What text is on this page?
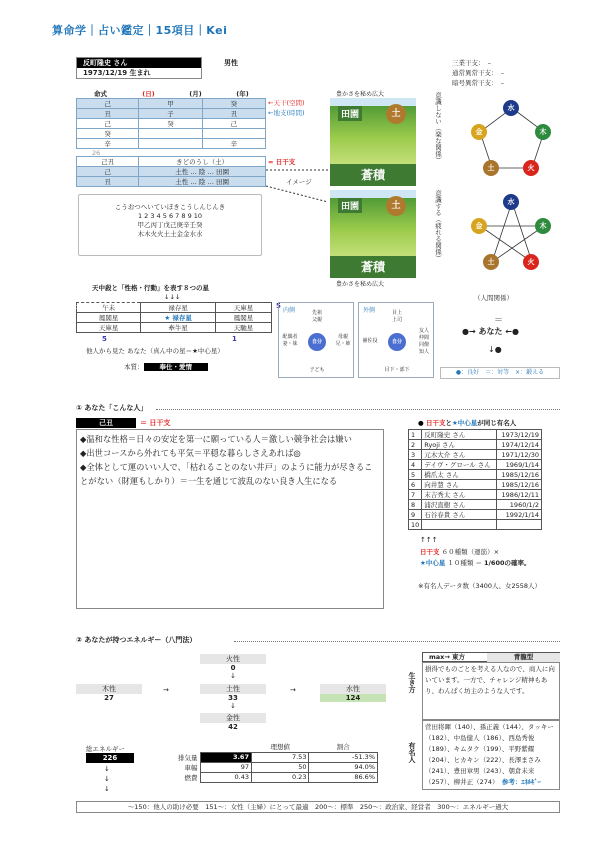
算命学｜占い鑑定｜15項目｜Kei
反町隆史 さん
1973/12/19 生まれ
男性	三業干支：　–
通常異常干支：　–
暗号異常干支：　–
命式	(日)	(月)	(年)
己	甲	癸
丑	子	丑
己	癸	己
癸		
辛		辛
26
←天干(空間)
←地支(時間)
己丑	きどのうし（土）
己	土性 … 陰 … 田園
丑	土性 … 陰 … 田園
= 日干支
イメージ
こうおつへいていぼきこうしんじんき
1 2 3 4 5 6 7 8 9 10
甲乙丙丁戊己庚辛壬癸
木木火火土土金金水水
豊かさを秘め広大
田園	土
蒼積
田園	土
蒼積
豊かさを秘め広大
意識しない（楽な関係）
意識する（疲れる関係）
水
木
火
土
金
水
木
火
土
金
天中殺と「性格・行動」を表す８つの星
↓↓↓
午未	禄存星	天庫星
鳳閣星	★ 禄存星	鳳閣星
天庫星	牽牛星	天馳星
5
5	1
他人から見た あなた（真ん中の星＝★中心星）
本質： 奉仕・愛情
内側	先祖
父親
配偶者
妻・妹
母親
兄・姉
子ども
自分
外側	目上
上司
補佐役
友人
仲間
同僚
知人
目下・部下
自分
（人間関係）
＝
●→ あなた ←●
↓●
●：良好　＝：対等　×：鍛える
① あなた「こんな人」
己丑	＝ 日干支
◆温和な性格＝日々の安定を第一に願っている人＝激しい競争社会は嫌い
◆出世コースから外れても平気＝平穏な暮らしさえあれば◎
◆全体として運のいい人で、「枯れることのない井戸」のように能力が尽きることがない（財運もしかり）＝一生を通じて波乱のない良き人生になる
● 日干支と★中心星が同じ有名人
1	反町隆史 さん	1973/12/19
2	Ryoji さん	1974/12/14
3	元木大介 さん	1971/12/30
4	デイヴ・グロール さん	1969/1/14
5	橋爪太 さん	1985/12/16
6	向井慧 さん	1985/12/16
7	末吉秀太 さん	1986/12/11
8	浦沢直樹 さん	1960/1/2
9	石谷春貴 さん	1992/1/14
10		
↑↑↑
日干支 ６０種類（運筋）×
★中心星 １０種類 ＝ 1/600の確率。
※有名人データ数（3400人、女2558人）
② あなたが持つエネルギー（八門法）
火性
0
↓
木性
27
→	土性
33
↓
→	水性
124
金性
42
総エネルギー
226
↓
↓
↓
		理想値	割合
排気量	3.67	7.53	-51.3%
車幅	97	50	94.0%
燃費	0.43	0.23	86.6%
生き方
有名人
max→ 東方	青龍型
損得でものごとを考える人なので、商人に向いています。一方で、チャレンジ精神もあり、わんぱく坊主のような人です。
菅田将暉（140）、孫正義（144）、タッキー（182）、中島健人（186）、西島秀俊（189）、キムタク（199）、平野紫耀（204）、ヒカキン（222）、長澤まさみ（241）、豊田章男（243）、朝倉未来（257）、柳井正（274）　 参考：ｴﾈﾙｷﾞｰ
～150：他人の助け必要　151～：女性（主婦）にとって最適　200～：標準　250～：政治家、経営者　300～：エネルギー過大
